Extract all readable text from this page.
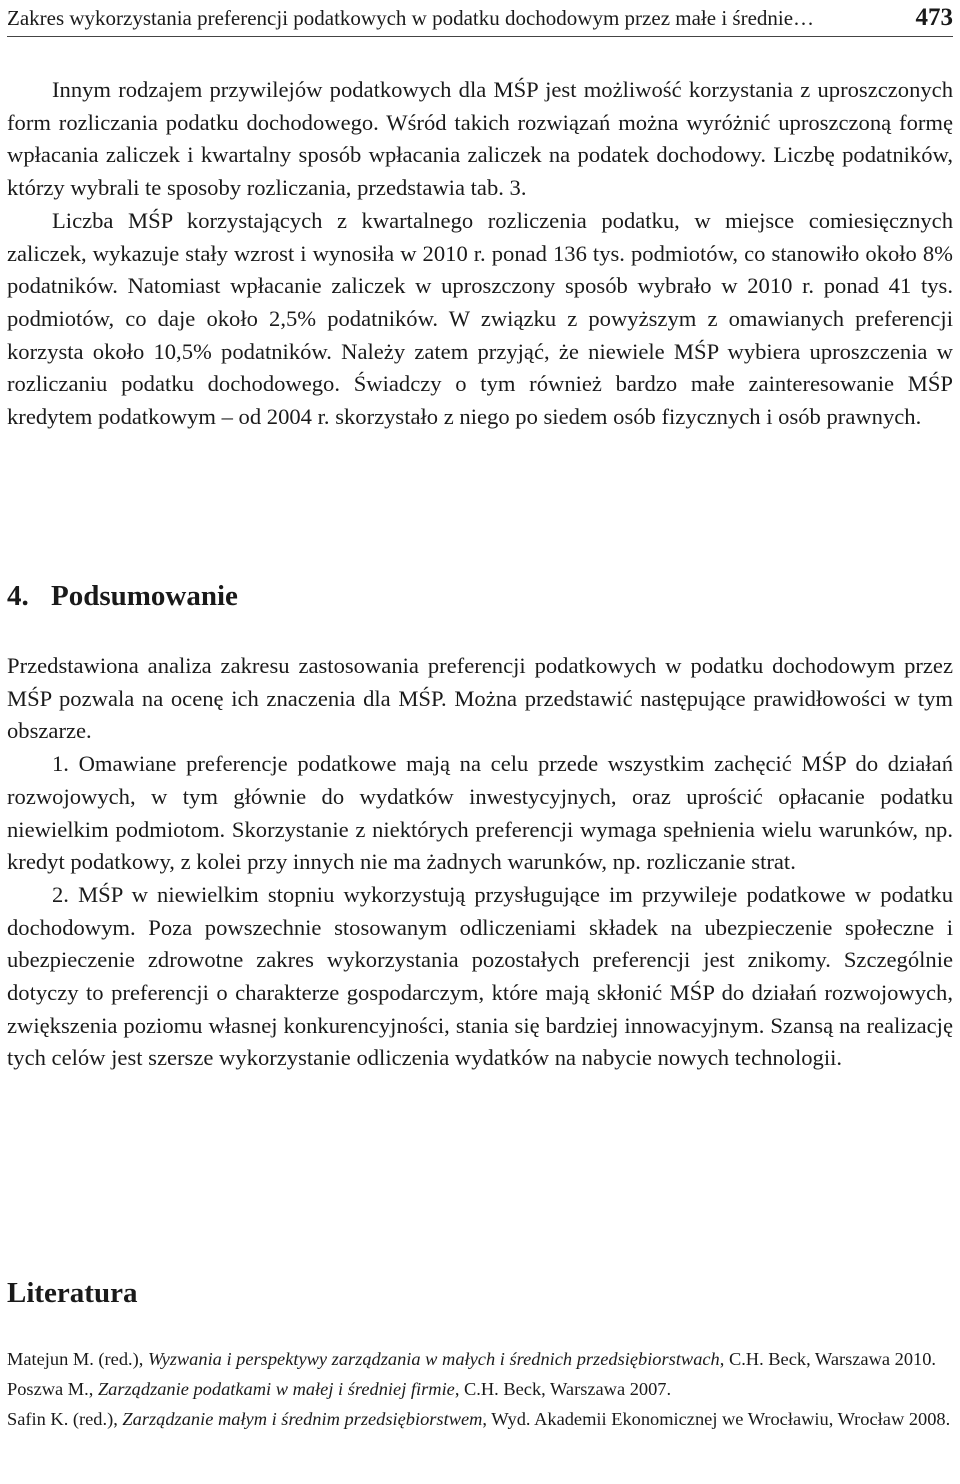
Zakres wykorzystania preferencji podatkowych w podatku dochodowym przez małe i średnie…	473

Innym rodzajem przywilejów podatkowych dla MŚP jest możliwość korzystania z uproszczonych form rozliczania podatku dochodowego. Wśród takich rozwiązań można wyróżnić uproszczoną formę wpłacania zaliczek i kwartalny sposób wpłacania zaliczek na podatek dochodowy. Liczbę podatników, którzy wybrali te sposoby rozliczania, przedstawia tab. 3.

Liczba MŚP korzystających z kwartalnego rozliczenia podatku, w miejsce comiesięcznych zaliczek, wykazuje stały wzrost i wynosiła w 2010 r. ponad 136 tys. podmiotów, co stanowiło około 8% podatników. Natomiast wpłacanie zaliczek w uproszczony sposób wybrało w 2010 r. ponad 41 tys. podmiotów, co daje około 2,5% podatników. W związku z powyższym z omawianych preferencji korzysta około 10,5% podatników. Należy zatem przyjąć, że niewiele MŚP wybiera uproszczenia w rozliczaniu podatku dochodowego. Świadczy o tym również bardzo małe zainteresowanie MŚP kredytem podatkowym – od 2004 r. skorzystało z niego po siedem osób fizycznych i osób prawnych.

4. Podsumowanie

Przedstawiona analiza zakresu zastosowania preferencji podatkowych w podatku dochodowym przez MŚP pozwala na ocenę ich znaczenia dla MŚP. Można przedstawić następujące prawidłowości w tym obszarze.

1. Omawiane preferencje podatkowe mają na celu przede wszystkim zachęcić MŚP do działań rozwojowych, w tym głównie do wydatków inwestycyjnych, oraz uprościć opłacanie podatku niewielkim podmiotom. Skorzystanie z niektórych preferencji wymaga spełnienia wielu warunków, np. kredyt podatkowy, z kolei przy innych nie ma żadnych warunków, np. rozliczanie strat.

2. MŚP w niewielkim stopniu wykorzystują przysługujące im przywileje podatkowe w podatku dochodowym. Poza powszechnie stosowanym odliczeniami składek na ubezpieczenie społeczne i ubezpieczenie zdrowotne zakres wykorzystania pozostałych preferencji jest znikomy. Szczególnie dotyczy to preferencji o charakterze gospodarczym, które mają skłonić MŚP do działań rozwojowych, zwiększenia poziomu własnej konkurencyjności, stania się bardziej innowacyjnym. Szansą na realizację tych celów jest szersze wykorzystanie odliczenia wydatków na nabycie nowych technologii.

Literatura
Matejun M. (red.), Wyzwania i perspektywy zarządzania w małych i średnich przedsiębiorstwach, C.H. Beck, Warszawa 2010.
Poszwa M., Zarządzanie podatkami w małej i średniej firmie, C.H. Beck, Warszawa 2007.
Safin K. (red.), Zarządzanie małym i średnim przedsiębiorstwem, Wyd. Akademii Ekonomicznej we Wrocławiu, Wrocław 2008.
